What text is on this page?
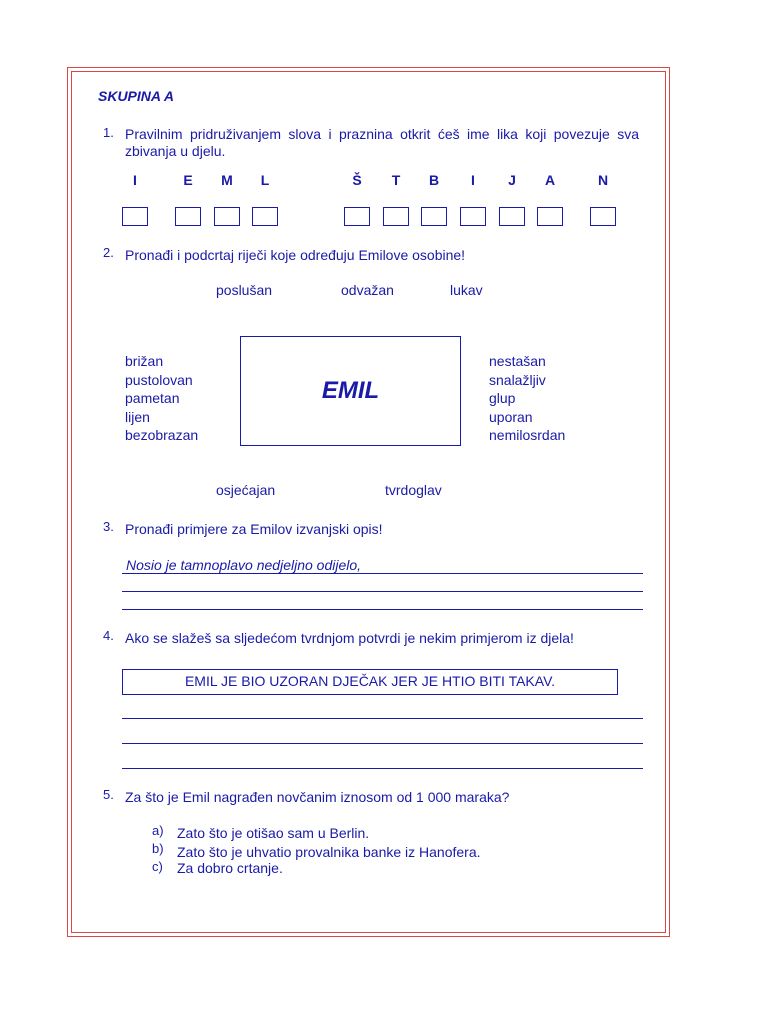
SKUPINA A
1. Pravilnim pridruživanjem slova i praznina otkrit ćeš ime lika koji povezuje sva zbivanja u djelu.
I	E	M	L	Š	T	B	I	J	A	N
2. Pronađi i podcrtaj riječi koje određuju Emilove osobine!
poslušan	odvažan	lukav
brižan
pustolovan
pametan
lijen
bezobrazan
EMIL
nestašan
snalažljiv
glup
uporan
nemilosrdan
osjećajan	tvrdoglav
3. Pronađi primjere za Emilov izvanjski opis!
Nosio je tamnoplavo nedjeljno odijelo,
4. Ako se slažeš sa sljedećom tvrdnjom potvrdi je nekim primjerom iz djela!
EMIL JE BIO UZORAN DJEČAK JER JE HTIO BITI TAKAV.
5. Za što je Emil nagrađen novčanim iznosom od 1 000 maraka?
a) Zato što je otišao sam u Berlin.
b) Zato što je uhvatio provalnika banke iz Hanofera.
c) Za dobro crtanje.
